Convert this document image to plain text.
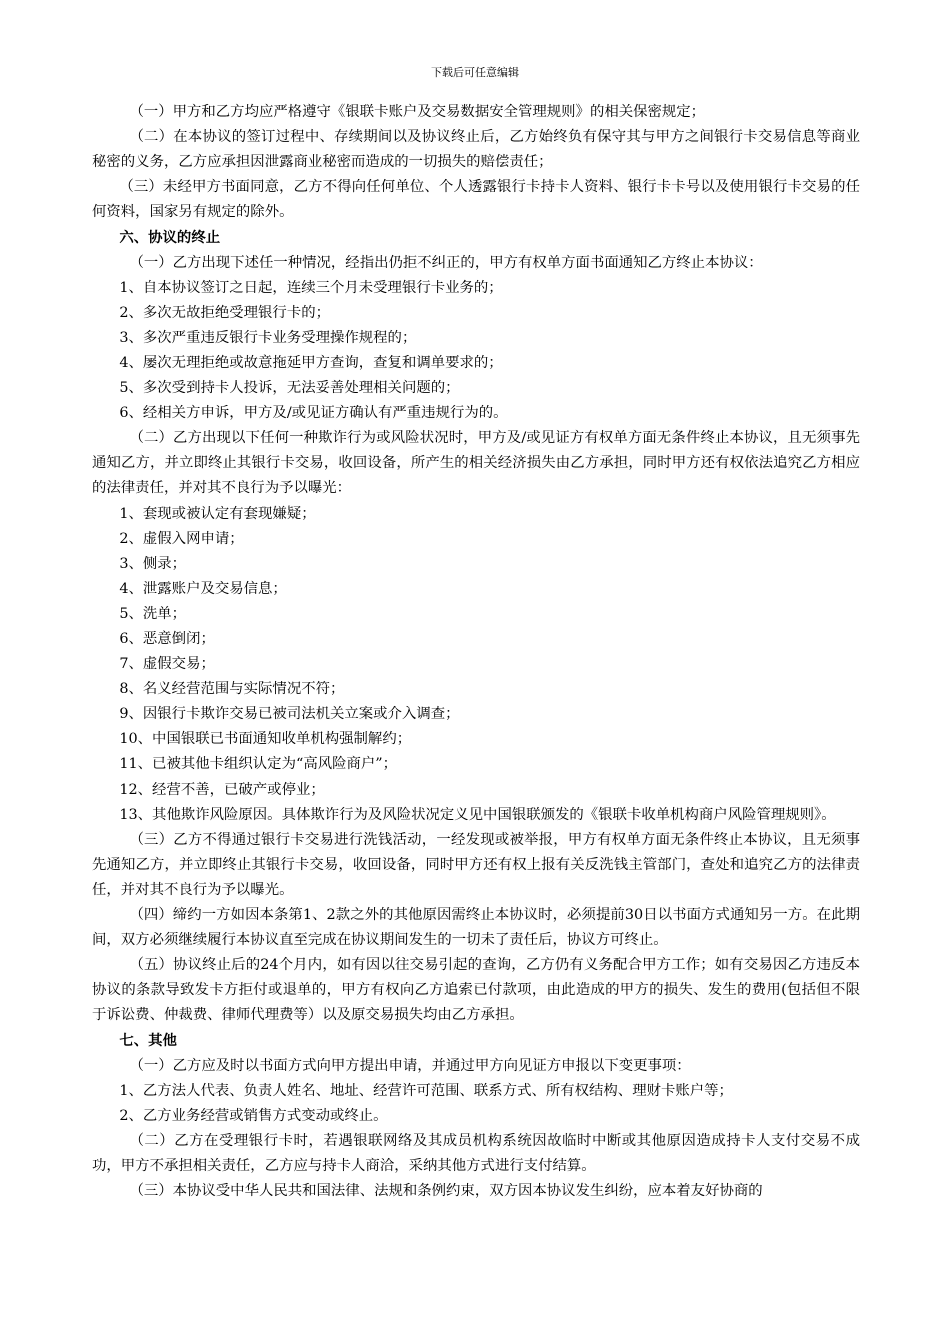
下载后可任意编辑

（一）甲方和乙方均应严格遵守《银联卡账户及交易数据安全管理规则》的相关保密规定；

（二）在本协议的签订过程中、存续期间以及协议终止后，乙方始终负有保守其与甲方之间银行卡交易信息等商业秘密的义务，乙方应承担因泄露商业秘密而造成的一切损失的赔偿责任；

（三）未经甲方书面同意，乙方不得向任何单位、个人透露银行卡持卡人资料、银行卡卡号以及使用银行卡交易的任何资料，国家另有规定的除外。

六、协议的终止

（一）乙方出现下述任一种情况，经指出仍拒不纠正的，甲方有权单方面书面通知乙方终止本协议：

1、自本协议签订之日起，连续三个月未受理银行卡业务的；

2、多次无故拒绝受理银行卡的；

3、多次严重违反银行卡业务受理操作规程的；

4、屡次无理拒绝或故意拖延甲方查询，查复和调单要求的；

5、多次受到持卡人投诉，无法妥善处理相关问题的；

6、经相关方申诉，甲方及/或见证方确认有严重违规行为的。

（二）乙方出现以下任何一种欺诈行为或风险状况时，甲方及/或见证方有权单方面无条件终止本协议，且无须事先通知乙方，并立即终止其银行卡交易，收回设备，所产生的相关经济损失由乙方承担，同时甲方还有权依法追究乙方相应的法律责任，并对其不良行为予以曝光：

1、套现或被认定有套现嫌疑；

2、虚假入网申请；

3、侧录；

4、泄露账户及交易信息；

5、洗单；

6、恶意倒闭；

7、虚假交易；

8、名义经营范围与实际情况不符；

9、因银行卡欺诈交易已被司法机关立案或介入调查；

10、中国银联已书面通知收单机构强制解约；

11、已被其他卡组织认定为“高风险商户”；

12、经营不善，已破产或停业；

13、其他欺诈风险原因。具体欺诈行为及风险状况定义见中国银联颁发的《银联卡收单机构商户风险管理规则》。

（三）乙方不得通过银行卡交易进行洗钱活动，一经发现或被举报，甲方有权单方面无条件终止本协议，且无须事先通知乙方，并立即终止其银行卡交易，收回设备，同时甲方还有权上报有关反洗钱主管部门，查处和追究乙方的法律责任，并对其不良行为予以曝光。

（四）缔约一方如因本条第1、2款之外的其他原因需终止本协议时，必须提前30日以书面方式通知另一方。在此期间，双方必须继续履行本协议直至完成在协议期间发生的一切未了责任后，协议方可终止。

（五）协议终止后的24个月内，如有因以往交易引起的查询，乙方仍有义务配合甲方工作；如有交易因乙方违反本协议的条款导致发卡方拒付或退单的，甲方有权向乙方追索已付款项，由此造成的甲方的损失、发生的费用(包括但不限于诉讼费、仲裁费、律师代理费等）以及原交易损失均由乙方承担。

七、其他

（一）乙方应及时以书面方式向甲方提出申请，并通过甲方向见证方申报以下变更事项：

1、乙方法人代表、负责人姓名、地址、经营许可范围、联系方式、所有权结构、理财卡账户等；

2、乙方业务经营或销售方式变动或终止。

（二）乙方在受理银行卡时，若遇银联网络及其成员机构系统因故临时中断或其他原因造成持卡人支付交易不成功，甲方不承担相关责任，乙方应与持卡人商洽，采纳其他方式进行支付结算。

（三）本协议受中华人民共和国法律、法规和条例约束，双方因本协议发生纠纷，应本着友好协商的
